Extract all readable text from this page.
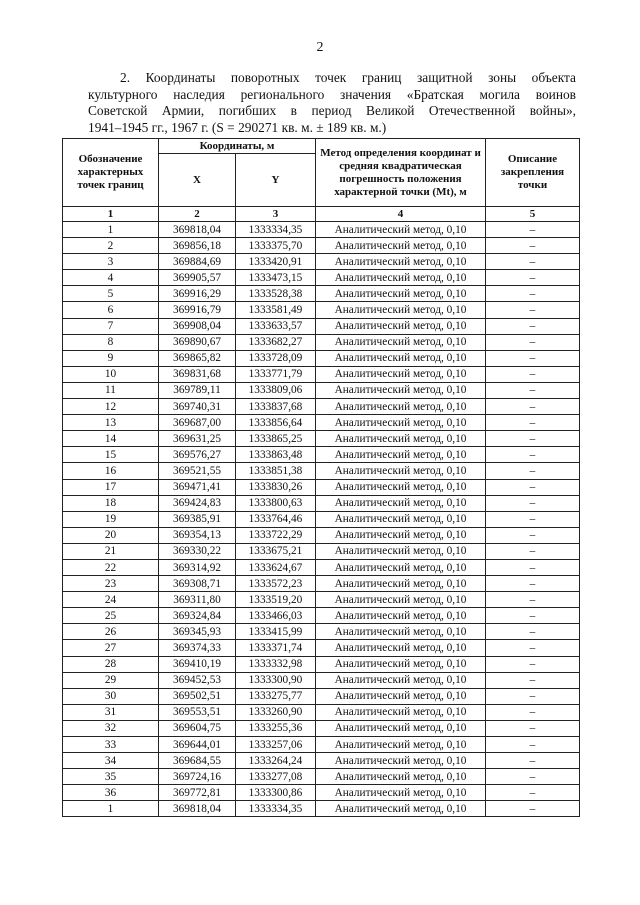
2
2. Координаты поворотных точек границ защитной зоны объекта
культурного наследия регионального значения «Братская могила воинов
Советской Армии, погибших в период Великой Отечественной войны»,
1941–1945 гг., 1967 г. (S = 290271 кв. м. ± 189 кв. м.)
Обозначение характерных точек границ	Координаты, м		Метод определения координат и средняя квадратическая погрешность положения характерной точки (Mt), м	Описание закрепления точки
	X	Y		
1	2	3	4	5
1	369818,04	1333334,35	Аналитический метод, 0,10	–
2	369856,18	1333375,70	Аналитический метод, 0,10	–
3	369884,69	1333420,91	Аналитический метод, 0,10	–
4	369905,57	1333473,15	Аналитический метод, 0,10	–
5	369916,29	1333528,38	Аналитический метод, 0,10	–
6	369916,79	1333581,49	Аналитический метод, 0,10	–
7	369908,04	1333633,57	Аналитический метод, 0,10	–
8	369890,67	1333682,27	Аналитический метод, 0,10	–
9	369865,82	1333728,09	Аналитический метод, 0,10	–
10	369831,68	1333771,79	Аналитический метод, 0,10	–
11	369789,11	1333809,06	Аналитический метод, 0,10	–
12	369740,31	1333837,68	Аналитический метод, 0,10	–
13	369687,00	1333856,64	Аналитический метод, 0,10	–
14	369631,25	1333865,25	Аналитический метод, 0,10	–
15	369576,27	1333863,48	Аналитический метод, 0,10	–
16	369521,55	1333851,38	Аналитический метод, 0,10	–
17	369471,41	1333830,26	Аналитический метод, 0,10	–
18	369424,83	1333800,63	Аналитический метод, 0,10	–
19	369385,91	1333764,46	Аналитический метод, 0,10	–
20	369354,13	1333722,29	Аналитический метод, 0,10	–
21	369330,22	1333675,21	Аналитический метод, 0,10	–
22	369314,92	1333624,67	Аналитический метод, 0,10	–
23	369308,71	1333572,23	Аналитический метод, 0,10	–
24	369311,80	1333519,20	Аналитический метод, 0,10	–
25	369324,84	1333466,03	Аналитический метод, 0,10	–
26	369345,93	1333415,99	Аналитический метод, 0,10	–
27	369374,33	1333371,74	Аналитический метод, 0,10	–
28	369410,19	1333332,98	Аналитический метод, 0,10	–
29	369452,53	1333300,90	Аналитический метод, 0,10	–
30	369502,51	1333275,77	Аналитический метод, 0,10	–
31	369553,51	1333260,90	Аналитический метод, 0,10	–
32	369604,75	1333255,36	Аналитический метод, 0,10	–
33	369644,01	1333257,06	Аналитический метод, 0,10	–
34	369684,55	1333264,24	Аналитический метод, 0,10	–
35	369724,16	1333277,08	Аналитический метод, 0,10	–
36	369772,81	1333300,86	Аналитический метод, 0,10	–
1	369818,04	1333334,35	Аналитический метод, 0,10	–
